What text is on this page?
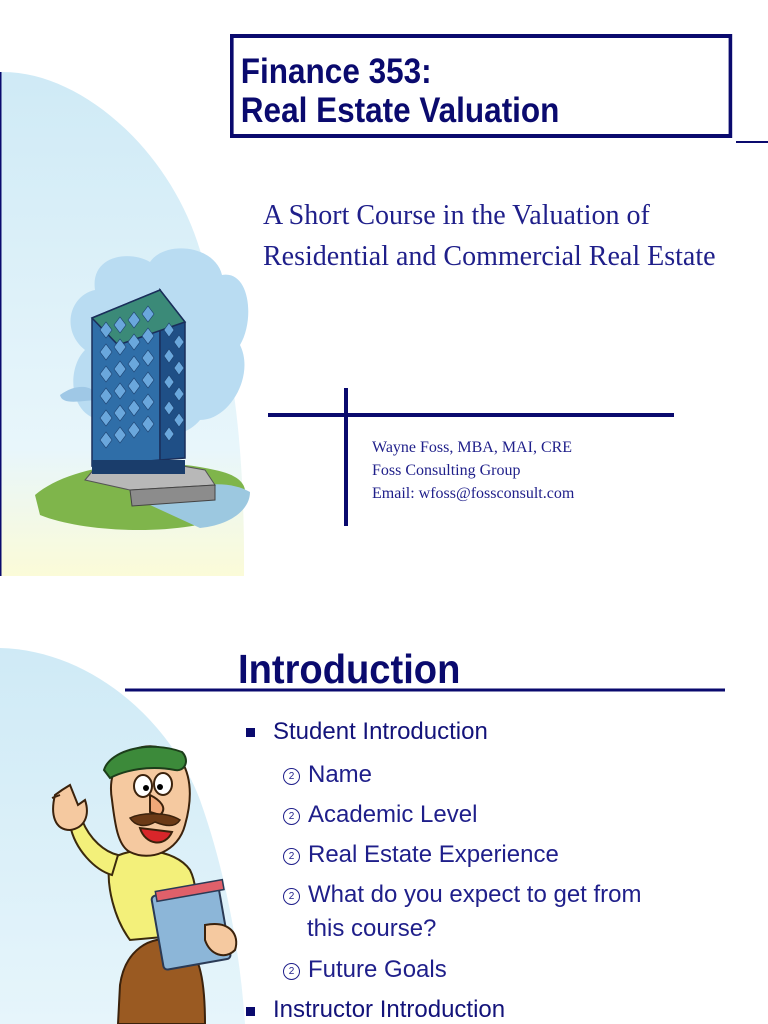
Finance 353:
Real Estate Valuation
A Short Course in the Valuation of Residential and Commercial Real Estate
Wayne Foss, MBA, MAI, CRE
Foss Consulting Group
Email: wfoss@fossconsult.com
Introduction
Student Introduction
2 Name
2 Academic Level
2 Real Estate Experience
2 What do you expect to get from
this course?
2 Future Goals
Instructor Introduction
